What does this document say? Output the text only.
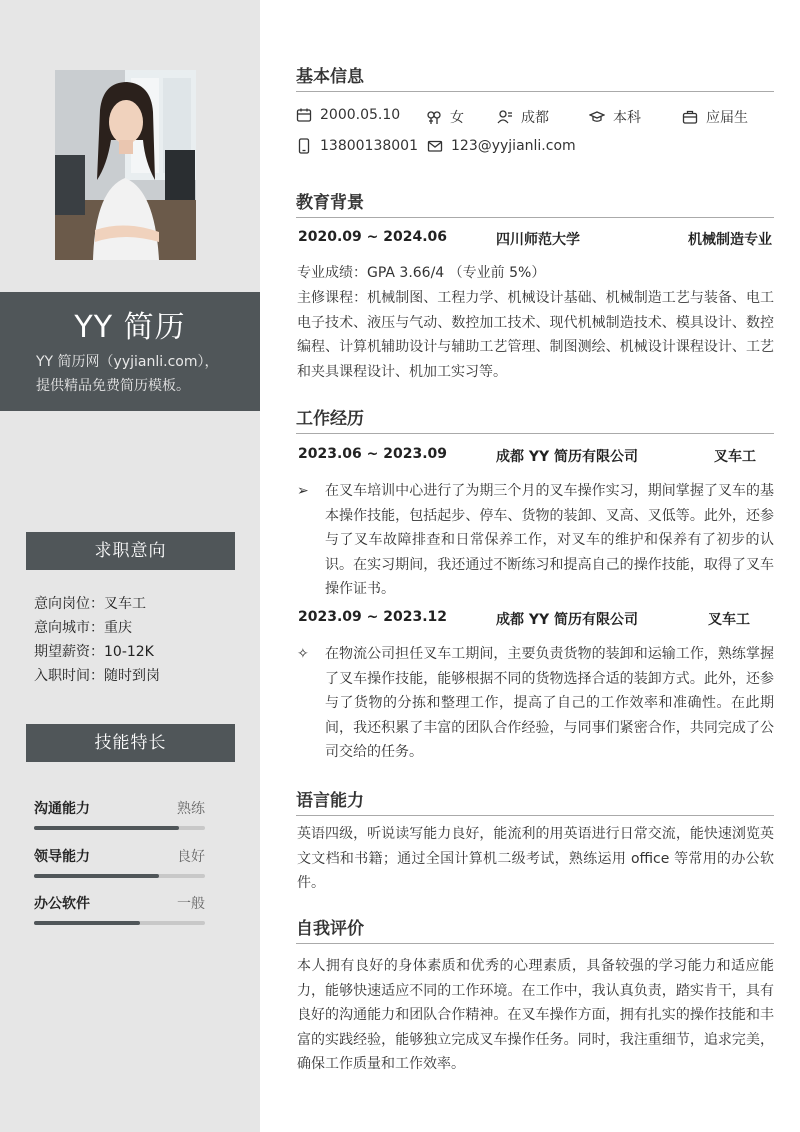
YY 简历
YY 简历网（yyjianli.com），提供精品免费简历模板。
求职意向
意向岗位：叉车工
意向城市：重庆
期望薪资：10-12K
入职时间：随时到岗
技能特长
沟通能力	熟练
领导能力	良好
办公软件	一般
基本信息
2000.05.10	女	成都	本科	应届生
13800138001 123@yyjianli.com
教育背景
2020.09 ~ 2024.06	四川师范大学	机械制造专业
专业成绩：GPA 3.66/4 （专业前 5%）
主修课程：机械制图、工程力学、机械设计基础、机械制造工艺与装备、电工电子技术、液压与气动、数控加工技术、现代机械制造技术、模具设计、数控编程、计算机辅助设计与辅助工艺管理、制图测绘、机械设计课程设计、工艺和夹具课程设计、机加工实习等。
工作经历
2023.06 ~ 2023.09	成都 YY 简历有限公司	叉车工
➢	在叉车培训中心进行了为期三个月的叉车操作实习，期间掌握了叉车的基本操作技能，包括起步、停车、货物的装卸、叉高、叉低等。此外，还参与了叉车故障排查和日常保养工作，对叉车的维护和保养有了初步的认识。在实习期间，我还通过不断练习和提高自己的操作技能，取得了叉车操作证书。
2023.09 ~ 2023.12	成都 YY 简历有限公司	叉车工
✧	在物流公司担任叉车工期间，主要负责货物的装卸和运输工作，熟练掌握了叉车操作技能，能够根据不同的货物选择合适的装卸方式。此外，还参与了货物的分拣和整理工作，提高了自己的工作效率和准确性。在此期间，我还积累了丰富的团队合作经验，与同事们紧密合作，共同完成了公司交给的任务。
语言能力
英语四级，听说读写能力良好，能流利的用英语进行日常交流，能快速浏览英文文档和书籍；通过全国计算机二级考试，熟练运用 office 等常用的办公软件。
自我评价
本人拥有良好的身体素质和优秀的心理素质，具备较强的学习能力和适应能力，能够快速适应不同的工作环境。在工作中，我认真负责，踏实肯干，具有良好的沟通能力和团队合作精神。在叉车操作方面，拥有扎实的操作技能和丰富的实践经验，能够独立完成叉车操作任务。同时，我注重细节，追求完美，确保工作质量和工作效率。
